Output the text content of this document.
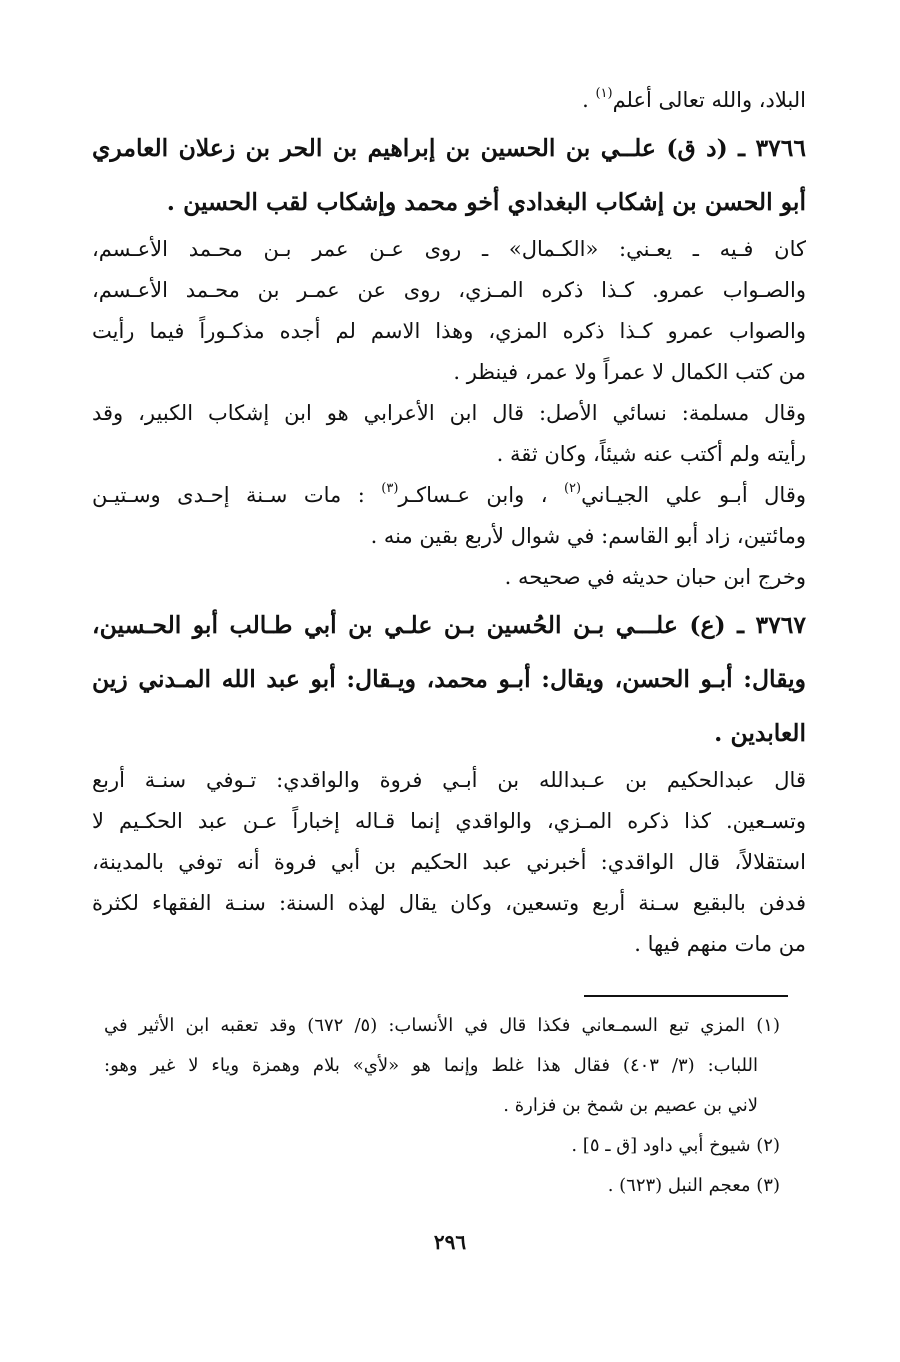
البلاد، والله تعالى أعلم$^{(١)}$ .
٣٧٦٦ ـ (د ق) علــي بن الحسين بن إبراهيم بن الحر بن زعلان العامري
أبو الحسن بن إشكاب البغدادي أخو محمد وإشكاب لقب الحسين .
كان فـيه ـ يعـني: «الكـمال» ـ روى عـن عمر بـن محـمد الأعـسم،
والصـواب عمرو. كـذا ذكره المـزي، روى عن عمـر بن محـمد الأعـسم،
والصواب عمرو كـذا ذكره المزي، وهذا الاسم لم أجده مذكـوراً فيما رأيت
من كتب الكمال لا عمراً ولا عمر، فينظر .
وقال مسلمة: نسائي الأصل: قال ابن الأعرابي هو ابن إشكاب الكبير، وقد
رأيته ولم أكتب عنه شيئاً، وكان ثقة .
وقال أبـو علي الجيـاني$^{(٢)}$ ، وابن عـساكـر$^{(٣)}$ : مات سـنة إحـدى وسـتيـن
ومائتين، زاد أبو القاسم: في شوال لأربع بقين منه .
وخرج ابن حبان حديثه في صحيحه .
٣٧٦٧ ـ (ع) علـــي بـن الحُسين بـن علـي بن أبي طـالب أبو الحـسين،
ويقال: أبـو الحسن، ويقال: أبـو محمد، ويـقال: أبو عبد الله المـدني زين
العابدين .
قال عبدالحكيم بن عـبدالله بن أبـي فروة والواقدي: تـوفي سنـة أربع
وتسـعين. كذا ذكره المـزي، والواقدي إنما قـاله إخباراً عـن عبد الحكـيم لا
استقلالاً، قال الواقدي: أخبرني عبد الحكيم بن أبي فروة أنه توفي بالمدينة،
فدفن بالبقيع سـنة أربع وتسعين، وكان يقال لهذه السنة: سنـة الفقهاء لكثرة
من مات منهم فيها .
(١) المزي تبع السمـعاني فكذا قال في الأنساب: (٥/ ٦٧٢) وقد تعقبه ابن الأثير في
اللباب: (٣/ ٤٠٣) فقال هذا غلط وإنما هو «لأي» بلام وهمزة وياء لا غير وهو:
لاني بن عصيم بن شمخ بن فزارة .
(٢) شيوخ أبي داود [ق ـ ٥] .
(٣) معجم النبل (٦٢٣) .
٢٩٦
